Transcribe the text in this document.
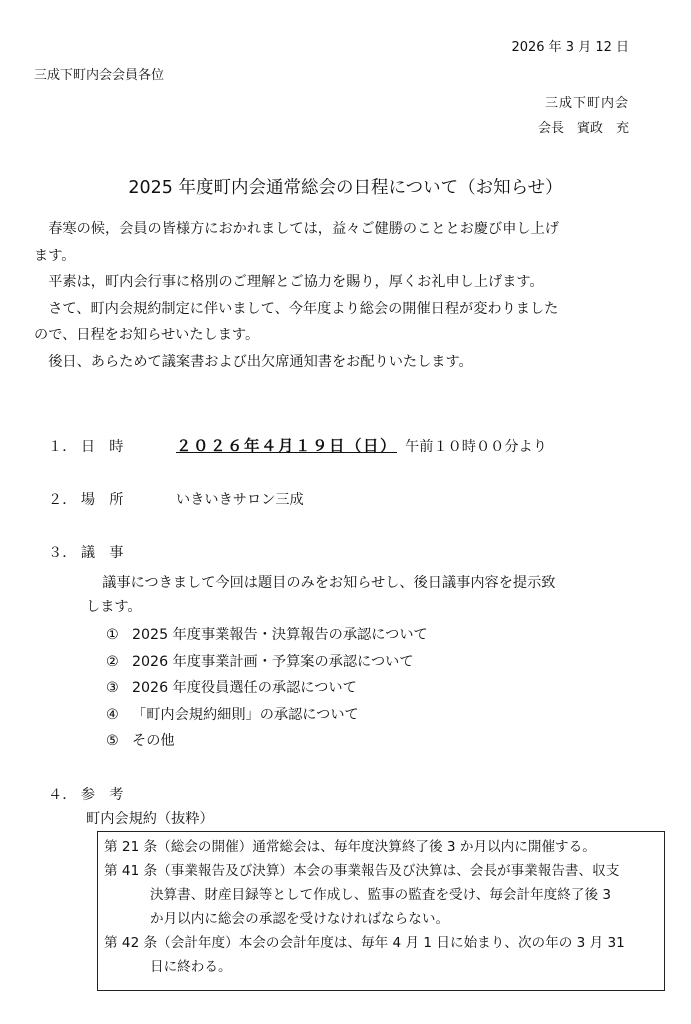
2026 年 3 月 12 日
三成下町内会会員各位
三成下町内会
会長　賓政　充
2025 年度町内会通常総会の日程について（お知らせ）

春寒の候，会員の皆様方におかれましては，益々ご健勝のこととお慶び申し上げ

ます。

平素は，町内会行事に格別のご理解とご協力を賜り，厚くお礼申し上げます。

さて、町内会規約制定に伴いまして、今年度より総会の開催日程が変わりました

ので、日程をお知らせいたします。

後日、あらためて議案書および出欠席通知書をお配りいたします。

１． 日　時	２０２６年４月１９日（日） 午前１０時００分より
２． 場　所	いきいきサロン三成
３． 議　事
議事につきまして今回は題目のみをお知らせし、後日議事内容を提示致
します。
① 2025 年度事業報告・決算報告の承認について
② 2026 年度事業計画・予算案の承認について
③ 2026 年度役員選任の承認について
④ 「町内会規約細則」の承認について
⑤ その他
４． 参　考
町内会規約（抜粋）
第 21 条（総会の開催）通常総会は、毎年度決算終了後 3 か月以内に開催する。
第 41 条（事業報告及び決算）本会の事業報告及び決算は、会長が事業報告書、収支
決算書、財産目録等として作成し、監事の監査を受け、毎会計年度終了後 3
か月以内に総会の承認を受けなければならない。
第 42 条（会計年度）本会の会計年度は、毎年 4 月 1 日に始まり、次の年の 3 月 31
日に終わる。
